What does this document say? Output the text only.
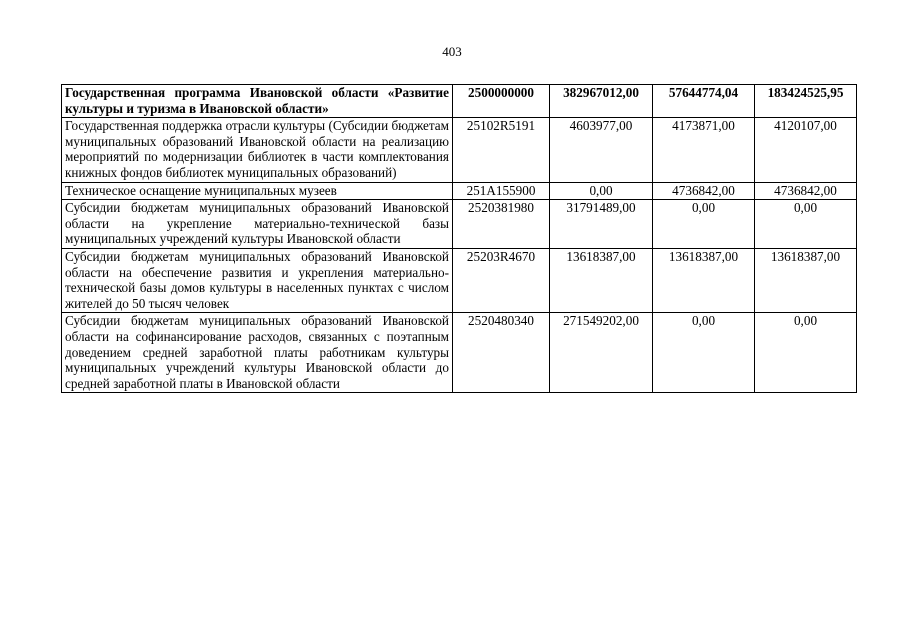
403
Государственная программа Ивановской области «Развитие культуры и туризма в Ивановской области»	2500000000	382967012,00	57644774,04	183424525,95
Государственная поддержка отрасли культуры (Субсидии бюджетам муниципальных образований Ивановской области на реализацию мероприятий по модернизации библиотек в части комплектования книжных фондов библиотек муниципальных образований)	25102R5191	4603977,00	4173871,00	4120107,00
Техническое оснащение муниципальных музеев	251A155900	0,00	4736842,00	4736842,00
Субсидии бюджетам муниципальных образований Ивановской области на укрепление материально-технической базы муниципальных учреждений культуры Ивановской области	2520381980	31791489,00	0,00	0,00
Субсидии бюджетам муниципальных образований Ивановской области на обеспечение развития и укрепления материально-технической базы домов культуры в населенных пунктах с числом жителей до 50 тысяч человек	25203R4670	13618387,00	13618387,00	13618387,00
Субсидии бюджетам муниципальных образований Ивановской области на софинансирование расходов, связанных с поэтапным доведением средней заработной платы работникам культуры муниципальных учреждений культуры Ивановской области до средней заработной платы в Ивановской области	2520480340	271549202,00	0,00	0,00
